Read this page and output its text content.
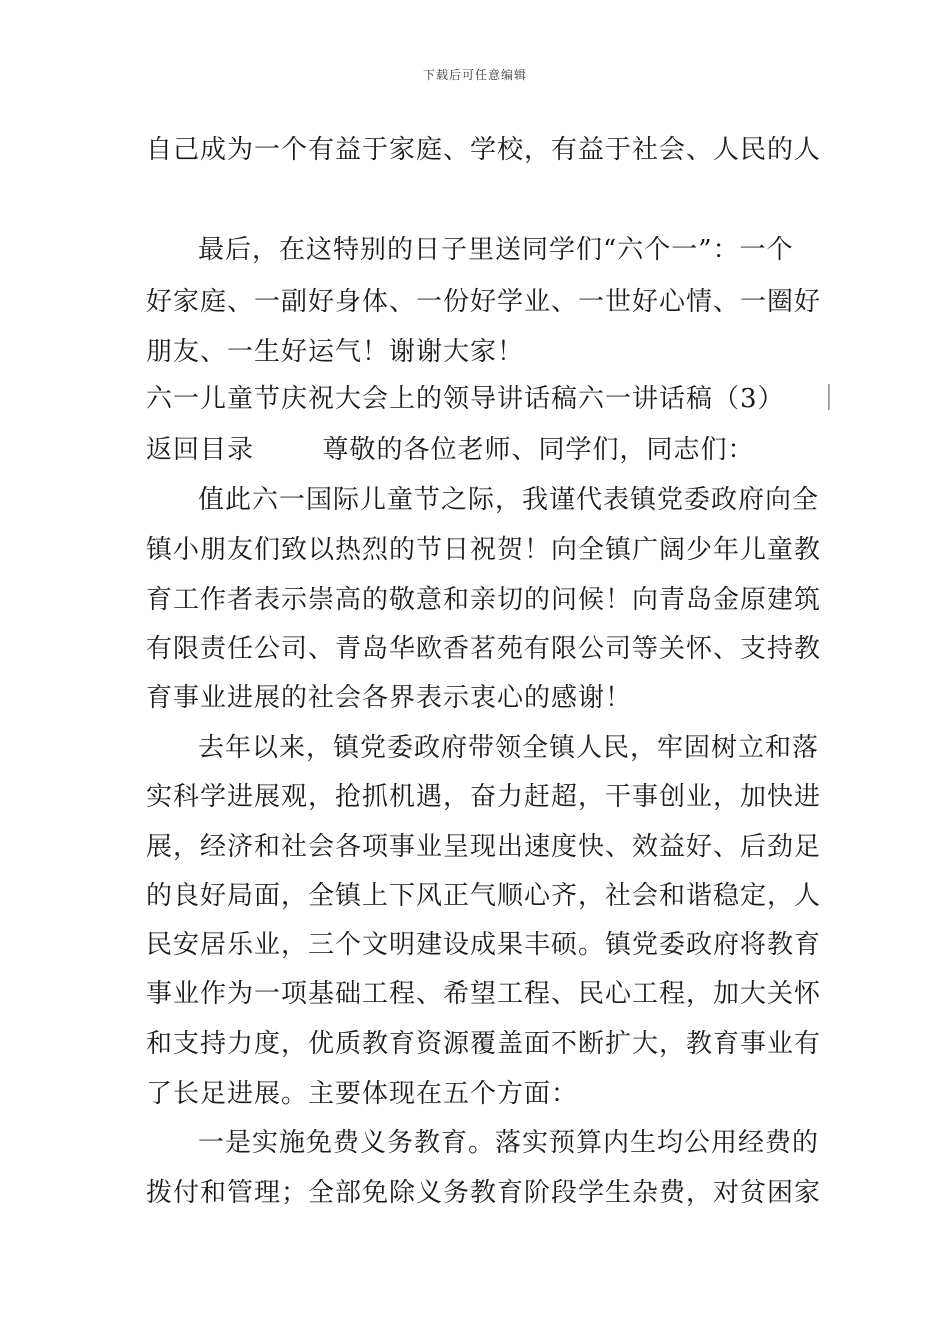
下载后可任意编辑
自己成为一个有益于家庭、学校，有益于社会、人民的人
最后，在这特别的日子里送同学们“六个一”：一个
好家庭、一副好身体、一份好学业、一世好心情、一圈好
朋友、一生好运气！谢谢大家！
六一儿童节庆祝大会上的领导讲话稿六一讲话稿（3） ｜
返回目录	尊敬的各位老师、同学们，同志们：
值此六一国际儿童节之际，我谨代表镇党委政府向全
镇小朋友们致以热烈的节日祝贺！向全镇广阔少年儿童教
育工作者表示崇高的敬意和亲切的问候！向青岛金原建筑
有限责任公司、青岛华欧香茗苑有限公司等关怀、支持教
育事业进展的社会各界表示衷心的感谢！
去年以来，镇党委政府带领全镇人民，牢固树立和落
实科学进展观，抢抓机遇，奋力赶超，干事创业，加快进
展，经济和社会各项事业呈现出速度快、效益好、后劲足
的良好局面，全镇上下风正气顺心齐，社会和谐稳定，人
民安居乐业，三个文明建设成果丰硕。镇党委政府将教育
事业作为一项基础工程、希望工程、民心工程，加大关怀
和支持力度，优质教育资源覆盖面不断扩大，教育事业有
了长足进展。主要体现在五个方面：
一是实施免费义务教育。落实预算内生均公用经费的
拨付和管理；全部免除义务教育阶段学生杂费，对贫困家
